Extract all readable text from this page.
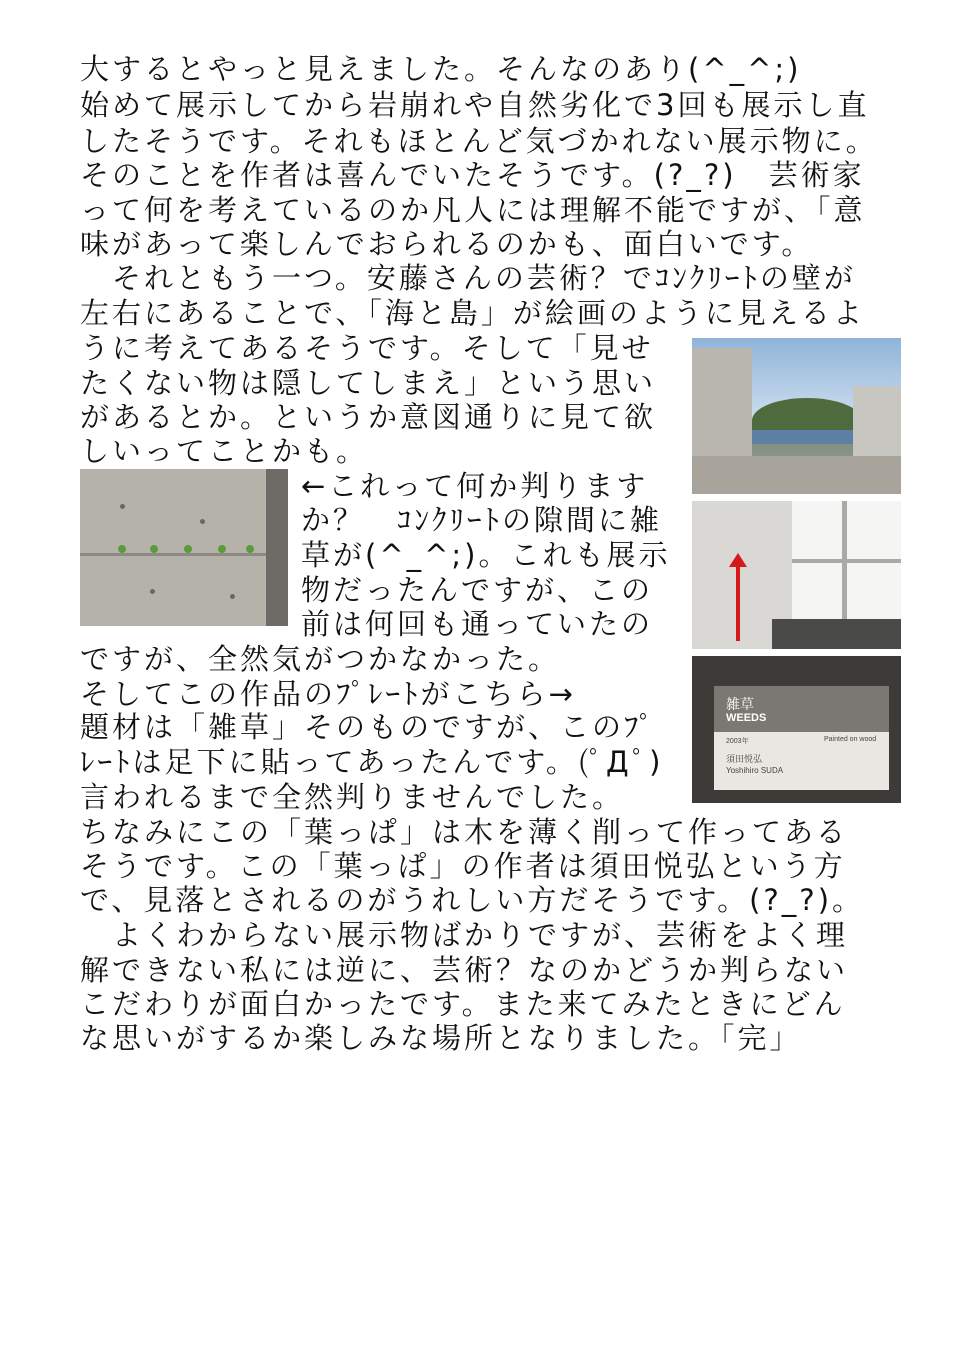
大するとやっと見えました。そんなのあり(^_^;)
始めて展示してから岩崩れや自然劣化で3回も展示し直
したそうです。それもほとんど気づかれない展示物に。
そのことを作者は喜んでいたそうです。(?_?)　芸術家
って何を考えているのか凡人には理解不能ですが、「意
味があって楽しんでおられるのかも、面白いです。
　それともう一つ。安藤さんの芸術？でｺﾝｸﾘｰﾄの壁が
左右にあることで、「海と島」が絵画のように見えるよ
うに考えてあるそうです。そして「見せ
たくない物は隠してしまえ」という思い
があるとか。というか意図通りに見て欲
しいってことかも。
←これって何か判ります
か？　ｺﾝｸﾘｰﾄの隙間に雑
草が(^_^;)。これも展示
物だったんですが、この
前は何回も通っていたの
ですが、全然気がつかなかった。
そしてこの作品のﾌﾟﾚｰﾄがこちら→
題材は「雑草」そのものですが、このﾌﾟ
ﾚｰﾄは足下に貼ってあったんです。(ﾟДﾟ)
言われるまで全然判りませんでした。
ちなみにこの「葉っぱ」は木を薄く削って作ってある
そうです。この「葉っぱ」の作者は須田悦弘という方
で、見落とされるのがうれしい方だそうです。(?_?)。
　よくわからない展示物ばかりですが、芸術をよく理
解できない私には逆に、芸術？なのかどうか判らない
こだわりが面白かったです。また来てみたときにどん
な思いがするか楽しみな場所となりました。「完」
雑草
WEEDS
2003年	Painted on wood
須田悦弘
Yoshihiro SUDA
